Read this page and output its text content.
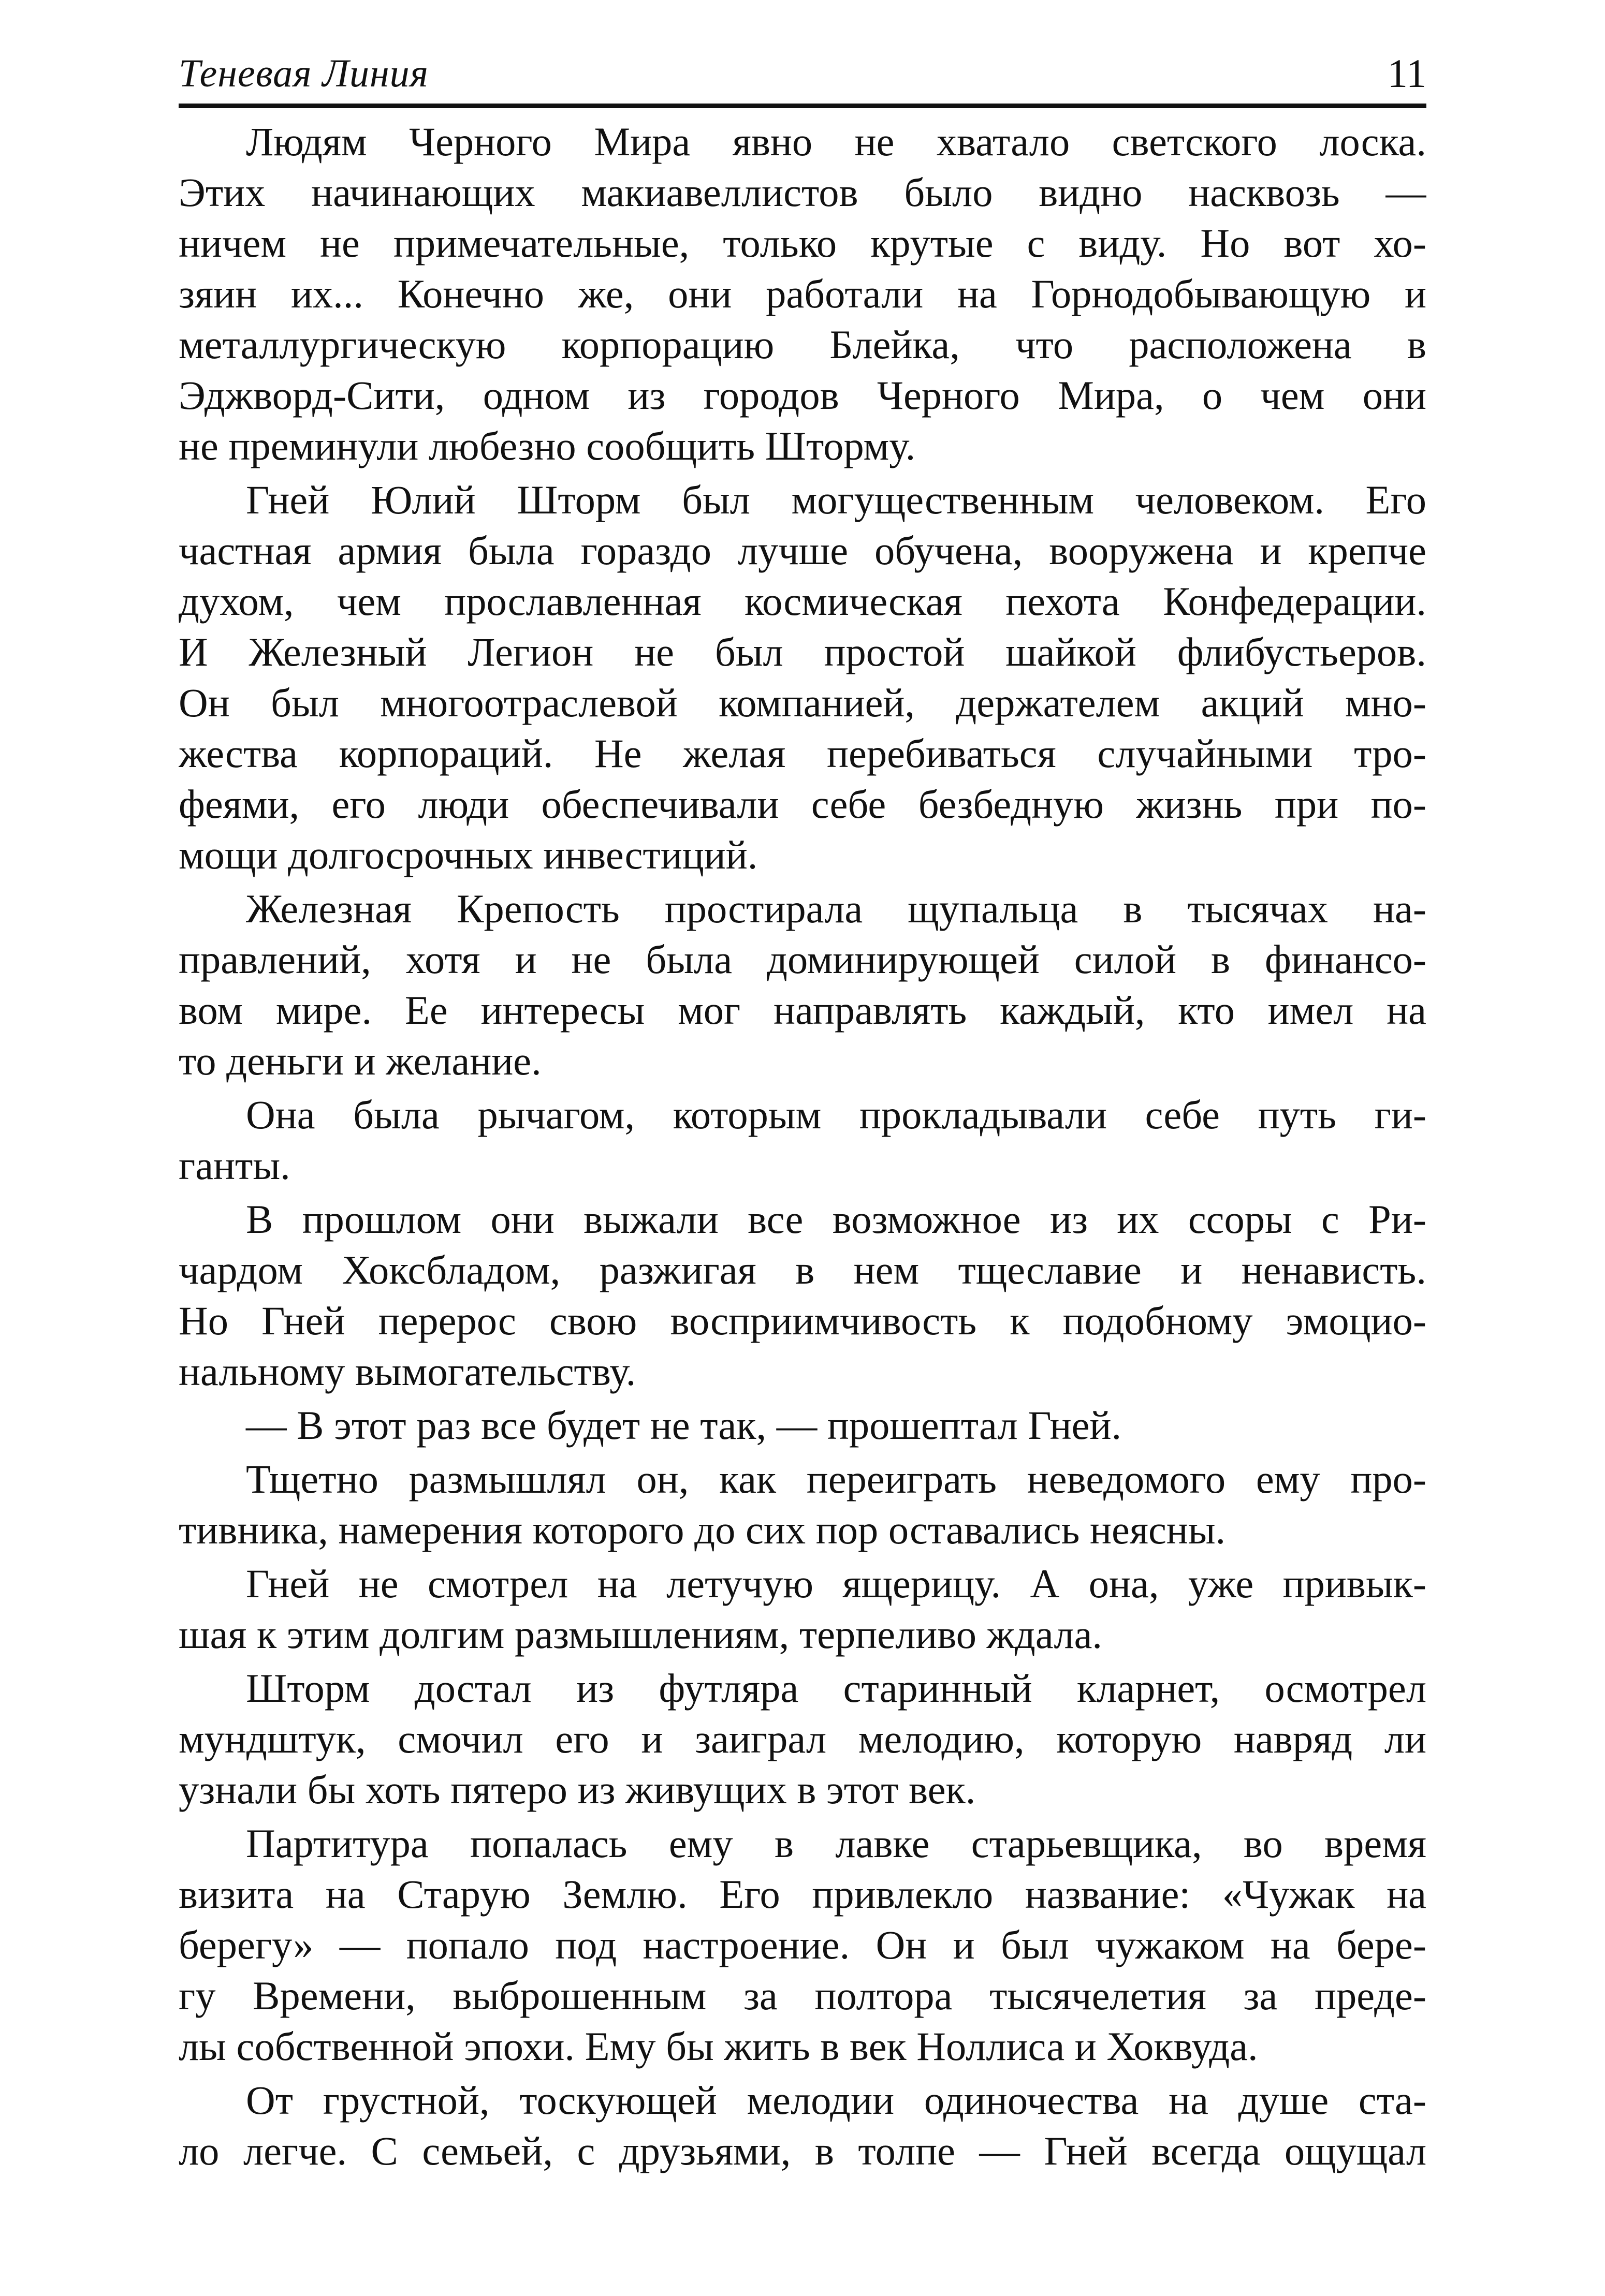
Теневая Линия	11
Людям Черного Мира явно не хватало светского лоска.
Этих начинающих макиавеллистов было видно насквозь —
ничем не примечательные, только крутые с виду. Но вот хо-
зяин их... Конечно же, они работали на Горнодобывающую и
металлургическую корпорацию Блейка, что расположена в
Эджворд-Сити, одном из городов Черного Мира, о чем они
не преминули любезно сообщить Шторму.
Гней Юлий Шторм был могущественным человеком. Его
частная армия была гораздо лучше обучена, вооружена и крепче
духом, чем прославленная космическая пехота Конфедерации.
И Железный Легион не был простой шайкой флибустьеров.
Он был многоотраслевой компанией, держателем акций мно-
жества корпораций. Не желая перебиваться случайными тро-
феями, его люди обеспечивали себе безбедную жизнь при по-
мощи долгосрочных инвестиций.
Железная Крепость простирала щупальца в тысячах на-
правлений, хотя и не была доминирующей силой в финансо-
вом мире. Ее интересы мог направлять каждый, кто имел на
то деньги и желание.
Она была рычагом, которым прокладывали себе путь ги-
ганты.
В прошлом они выжали все возможное из их ссоры с Ри-
чардом Хоксбладом, разжигая в нем тщеславие и ненависть.
Но Гней перерос свою восприимчивость к подобному эмоцио-
нальному вымогательству.
— В этот раз все будет не так, — прошептал Гней.
Тщетно размышлял он, как переиграть неведомого ему про-
тивника, намерения которого до сих пор оставались неясны.
Гней не смотрел на летучую ящерицу. А она, уже привык-
шая к этим долгим размышлениям, терпеливо ждала.
Шторм достал из футляра старинный кларнет, осмотрел
мундштук, смочил его и заиграл мелодию, которую навряд ли
узнали бы хоть пятеро из живущих в этот век.
Партитура попалась ему в лавке старьевщика, во время
визита на Старую Землю. Его привлекло название: «Чужак на
берегу» — попало под настроение. Он и был чужаком на бере-
гу Времени, выброшенным за полтора тысячелетия за преде-
лы собственной эпохи. Ему бы жить в век Ноллиса и Хоквуда.
От грустной, тоскующей мелодии одиночества на душе ста-
ло легче. С семьей, с друзьями, в толпе — Гней всегда ощущал
